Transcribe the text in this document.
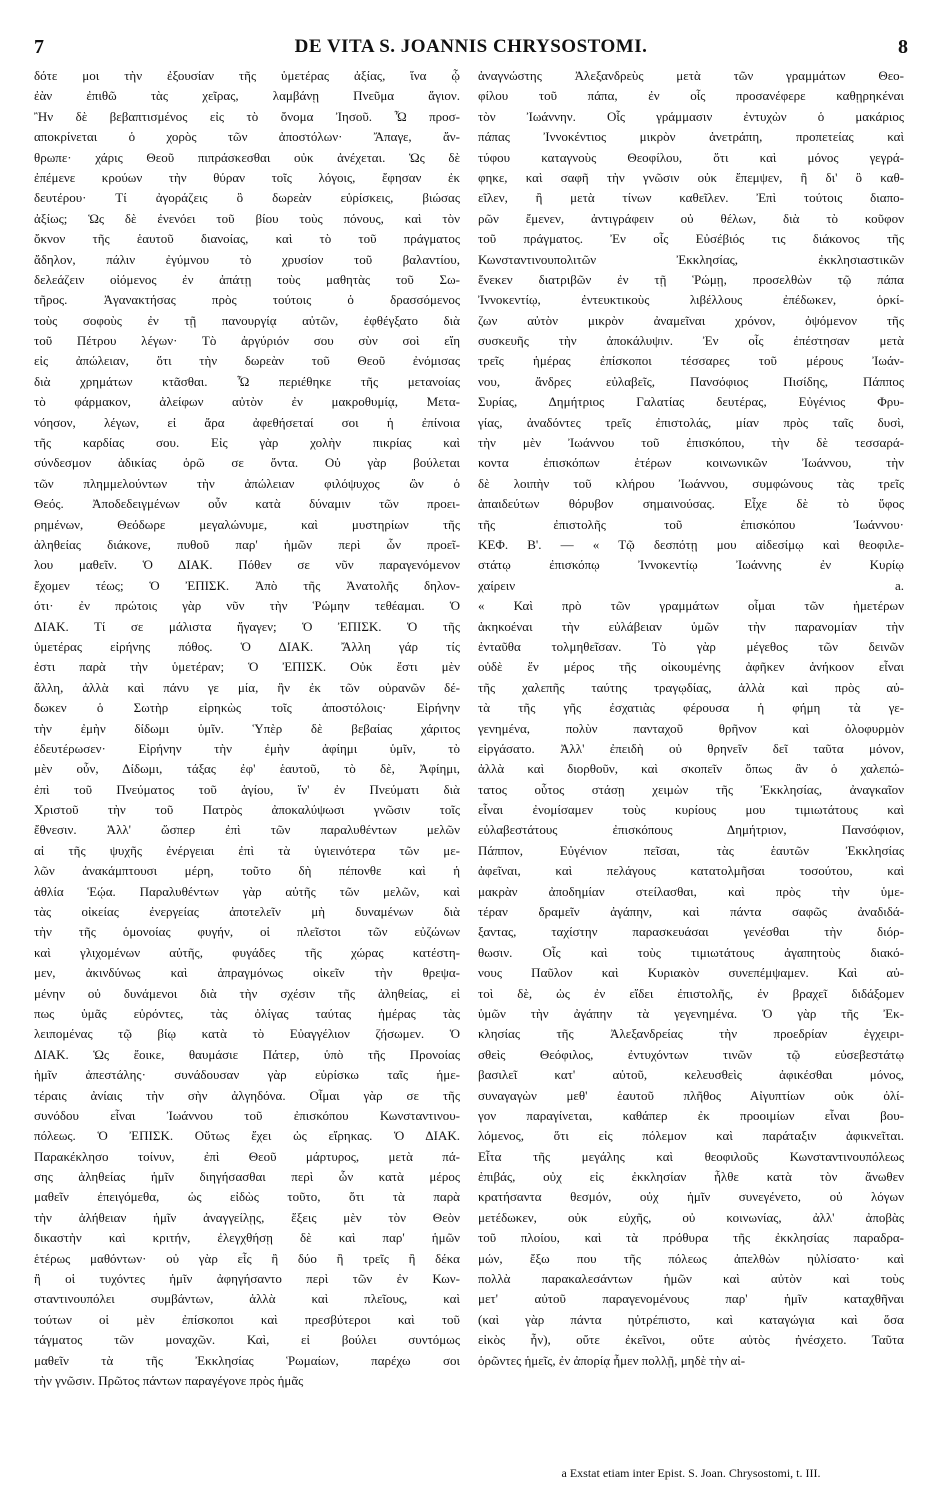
7	DE VITA S. JOANNIS CHRYSOSTOMI.	8
δότε μοι τὴν ἐξουσίαν τῆς ὑμετέρας ἀξίας, ἵνα ᾧ
ἐὰν ἐπιθῶ τὰς χεῖρας, λαμβάνῃ Πνεῦμα ἅγιον.
Ἢν δὲ βεβαπτισμένος εἰς τὸ ὄνομα Ἰησοῦ. Ὦ προσ-
αποκρίνεται ὁ χορὸς τῶν ἀποστόλων· Ἄπαγε, ἄν-
θρωπε· χάρις Θεοῦ πιπράσκεσθαι οὐκ ἀνέχεται. Ὡς δὲ
ἐπέμενε κρούων τὴν θύραν τοῖς λόγοις, ἔφησαν ἐκ
δευτέρου· Τί ἀγοράζεις ὃ δωρεὰν εὑρίσκεις, βιώσας
ἀξίως; Ὡς δὲ ἐνενόει τοῦ βίου τοὺς πόνους, καὶ τὸν
ὄκνον τῆς ἑαυτοῦ διανοίας, καὶ τὸ τοῦ πράγματος
ἄδηλον, πάλιν ἐγύμνου τὸ χρυσίον τοῦ βαλαντίου,
δελεάζειν οἰόμενος ἐν ἀπάτῃ τοὺς μαθητὰς τοῦ Σω-
τῆρος. Ἀγανακτήσας πρὸς τούτοις ὁ δρασσόμενος
τοὺς σοφοὺς ἐν τῇ πανουργίᾳ αὐτῶν, ἐφθέγξατο διὰ
τοῦ Πέτρου λέγων· Τὸ ἀργύριόν σου σὺν σοὶ εἴη
εἰς ἀπώλειαν, ὅτι τὴν δωρεὰν τοῦ Θεοῦ ἐνόμισας
διὰ χρημάτων κτᾶσθαι. Ὦ περιέθηκε τῆς μετανοίας
τὸ φάρμακον, ἀλείφων αὐτὸν ἐν μακροθυμίᾳ, Μετα-
νόησον, λέγων, εἰ ἄρα ἀφεθήσεταί σοι ἡ ἐπίνοια
τῆς καρδίας σου. Εἰς γὰρ χολὴν πικρίας καὶ
σύνδεσμον ἀδικίας ὁρῶ σε ὄντα. Οὐ γὰρ βούλεται
τῶν πλημμελούντων τὴν ἀπώλειαν φιλόψυχος ὢν ὁ
Θεός. Ἀποδεδειγμένων οὖν κατὰ δύναμιν τῶν προει-
ρημένων, Θεόδωρε μεγαλώνυμε, καὶ μυστηρίων τῆς
ἀληθείας διάκονε, πυθοῦ παρ' ἡμῶν περὶ ὧν προεῖ-
λου μαθεῖν. Ὁ ΔΙΑΚ. Πόθεν σε νῦν παραγενόμενον
ἔχομεν τέως; Ὁ ἘΠΙΣΚ. Ἀπὸ τῆς Ἀνατολῆς δηλον-
ότι· ἐν πρώτοις γὰρ νῦν τὴν Ῥώμην τεθέαμαι. Ὁ
ΔΙΑΚ. Τί σε μάλιστα ἤγαγεν; Ὁ ἘΠΙΣΚ. Ὁ τῆς
ὑμετέρας εἰρήνης πόθος. Ὁ ΔΙΑΚ. Ἄλλη γάρ τίς
ἐστι παρὰ τὴν ὑμετέραν; Ὁ ἘΠΙΣΚ. Οὐκ ἔστι μὲν
ἄλλη, ἀλλὰ καὶ πάνυ γε μία, ἣν ἐκ τῶν οὐρανῶν δέ-
δωκεν ὁ Σωτὴρ εἰρηκὼς τοῖς ἀποστόλοις· Εἰρήνην
τὴν ἐμὴν δίδωμι ὑμῖν. Ὑπὲρ δὲ βεβαίας χάριτος
ἐδευτέρωσεν· Εἰρήνην τὴν ἐμὴν ἀφίημι ὑμῖν, τὸ
μὲν οὖν, Δίδωμι, τάξας ἐφ' ἑαυτοῦ, τὸ δὲ, Ἀφίημι,
ἐπὶ τοῦ Πνεύματος τοῦ ἁγίου, ἵν' ἐν Πνεύματι διὰ
Χριστοῦ τὴν τοῦ Πατρὸς ἀποκαλύψωσι γνῶσιν τοῖς
ἔθνεσιν. Ἀλλ' ὥσπερ ἐπὶ τῶν παραλυθέντων μελῶν
αἱ τῆς ψυχῆς ἐνέργειαι ἐπὶ τὰ ὑγιεινότερα τῶν με-
λῶν ἀνακάμπτουσι μέρη, τοῦτο δὴ πέπονθε καὶ ἡ
ἀθλία Ἑῴα. Παραλυθέντων γὰρ αὐτῆς τῶν μελῶν, καὶ
τὰς οἰκείας ἐνεργείας ἀποτελεῖν μὴ δυναμένων διὰ
τὴν τῆς ὁμονοίας φυγήν, οἱ πλεῖστοι τῶν εὐζώνων
καὶ γλιχομένων αὐτῆς, φυγάδες τῆς χώρας κατέστη-
μεν, ἀκινδύνως καὶ ἀπραγμόνως οἰκεῖν τὴν θρεψα-
μένην οὐ δυνάμενοι διὰ τὴν σχέσιν τῆς ἀληθείας, εἰ
πως ὑμᾶς εὑρόντες, τὰς ὀλίγας ταύτας ἡμέρας τὰς
λειπομένας τῷ βίῳ κατὰ τὸ Εὐαγγέλιον ζήσωμεν. Ὁ
ΔΙΑΚ. Ὡς ἔοικε, θαυμάσιε Πάτερ, ὑπὸ τῆς Προνοίας
ἡμῖν ἀπεστάλης· συνάδουσαν γὰρ εὑρίσκω ταῖς ἡμε-
τέραις ἀνίαις τὴν σὴν ἀλγηδόνα. Οἶμαι γὰρ σε τῆς
συνόδου εἶναι Ἰωάννου τοῦ ἐπισκόπου Κωνσταντινου-
πόλεως. Ὁ ἘΠΙΣΚ. Οὕτως ἔχει ὡς εἴρηκας. Ὁ ΔΙΑΚ.
Παρακέκλησο τοίνυν, ἐπὶ Θεοῦ μάρτυρος, μετὰ πά-
σης ἀληθείας ἡμῖν διηγήσασθαι περὶ ὧν κατὰ μέρος
μαθεῖν ἐπειγόμεθα, ὡς εἰδὼς τοῦτο, ὅτι τὰ παρὰ
τὴν ἀλήθειαν ἡμῖν ἀναγγείλῃς, ἕξεις μὲν τὸν Θεὸν
δικαστὴν καὶ κριτήν, ἐλεγχθήσῃ δὲ καὶ παρ' ἡμῶν
ἑτέρως μαθόντων· οὐ γὰρ εἷς ἢ δύο ἢ τρεῖς ἢ δέκα
ἢ οἱ τυχόντες ἡμῖν ἀφηγήσαντο περὶ τῶν ἐν Κων-
σταντινουπόλει συμβάντων, ἀλλὰ καὶ πλεῖους, καὶ
τούτων οἱ μὲν ἐπίσκοποι καὶ πρεσβύτεροι καὶ τοῦ
τάγματος τῶν μοναχῶν. Καὶ, εἰ βούλει συντόμως
μαθεῖν τὰ τῆς Ἐκκλησίας Ῥωμαίων, παρέχω σοι
τὴν γνῶσιν. Πρῶτος πάντων παραγέγονε πρὸς ἡμᾶς
ἀναγνώστης Ἀλεξανδρεὺς μετὰ τῶν γραμμάτων Θεο-
φίλου τοῦ πάπα, ἐν οἷς προσανέφερε καθῃρηκέναι
τὸν Ἰωάννην. Οἷς γράμμασιν ἐντυχὼν ὁ μακάριος
πάπας Ἰννοκέντιος μικρὸν ἀνετράπη, προπετείας καὶ
τύφου καταγνοὺς Θεοφίλου, ὅτι καὶ μόνος γεγρά-
φηκε, καὶ σαφῆ τὴν γνῶσιν οὐκ ἔπεμψεν, ἢ δι' ὃ καθ-
εῖλεν, ἢ μετὰ τίνων καθεῖλεν. Ἐπὶ τούτοις διαπο-
ρῶν ἔμενεν, ἀντιγράφειν οὐ θέλων, διὰ τὸ κοῦφον
τοῦ πράγματος. Ἐν οἷς Εὐσέβιός τις διάκονος τῆς
Κωνσταντινουπολιτῶν Ἐκκλησίας, ἐκκλησιαστικῶν
ἕνεκεν διατριβῶν ἐν τῇ Ῥώμῃ, προσελθὼν τῷ πάπα
Ἰννοκεντίῳ, ἐντευκτικοὺς λιβέλλους ἐπέδωκεν, ὁρκί-
ζων αὐτὸν μικρὸν ἀναμεῖναι χρόνον, ὀψόμενον τῆς
συσκευῆς τὴν ἀποκάλυψιν. Ἐν οἷς ἐπέστησαν μετὰ
τρεῖς ἡμέρας ἐπίσκοποι τέσσαρες τοῦ μέρους Ἰωάν-
νου, ἄνδρες εὐλαβεῖς, Πανσόφιος Πισίδης, Πάππος
Συρίας, Δημήτριος Γαλατίας δευτέρας, Εὐγένιος Φρυ-
γίας, ἀναδόντες τρεῖς ἐπιστολάς, μίαν πρὸς ταῖς δυσὶ,
τὴν μὲν Ἰωάννου τοῦ ἐπισκόπου, τὴν δὲ τεσσαρά-
κοντα ἐπισκόπων ἑτέρων κοινωνικῶν Ἰωάννου, τὴν
δὲ λοιπὴν τοῦ κλήρου Ἰωάννου, συμφώνους τὰς τρεῖς
ἀπαιδεύτων θόρυβον σημαινούσας. Εἶχε δὲ τὸ ὕφος
τῆς ἐπιστολῆς τοῦ ἐπισκόπου Ἰωάννου·
ΚΕΦ. Β'. — « Τῷ δεσπότῃ μου αἰδεσίμῳ καὶ θεοφιλε-
στάτῳ ἐπισκόπῳ Ἰννοκεντίῳ Ἰωάννης ἐν Κυρίῳ
χαίρειν a.
« Καὶ πρὸ τῶν γραμμάτων οἶμαι τῶν ἡμετέρων
ἀκηκοέναι τὴν εὐλάβειαν ὑμῶν τὴν παρανομίαν τὴν
ἐνταῦθα τολμηθεῖσαν. Τὸ γὰρ μέγεθος τῶν δεινῶν
οὐδὲ ἕν μέρος τῆς οἰκουμένης ἀφῆκεν ἀνήκοον εἶναι
τῆς χαλεπῆς ταύτης τραγῳδίας, ἀλλὰ καὶ πρὸς αὐ-
τὰ τῆς γῆς ἐσχατιὰς φέρουσα ἡ φήμη τὰ γε-
γενημένα, πολὺν πανταχοῦ θρῆνον καὶ ὀλοφυρμὸν
εἰργάσατο. Ἀλλ' ἐπειδὴ οὐ θρηνεῖν δεῖ ταῦτα μόνον,
ἀλλὰ καὶ διορθοῦν, καὶ σκοπεῖν ὅπως ἂν ὁ χαλεπώ-
τατος οὗτος στάσῃ χειμὼν τῆς Ἐκκλησίας, ἀναγκαῖον
εἶναι ἐνομίσαμεν τοὺς κυρίους μου τιμιωτάτους καὶ
εὐλαβεστάτους ἐπισκόπους Δημήτριον, Πανσόφιον,
Πάππον, Εὐγένιον πεῖσαι, τὰς ἑαυτῶν Ἐκκλησίας
ἀφεῖναι, καὶ πελάγους κατατολμῆσαι τοσούτου, καὶ
μακρὰν ἀποδημίαν στείλασθαι, καὶ πρὸς τὴν ὑμε-
τέραν δραμεῖν ἀγάπην, καὶ πάντα σαφῶς ἀναδιδά-
ξαντας, ταχίστην παρασκευάσαι γενέσθαι τὴν διόρ-
θωσιν. Οἷς καὶ τοὺς τιμιωτάτους ἀγαπητοὺς διακό-
νους Παῦλον καὶ Κυριακὸν συνεπέμψαμεν. Καὶ αὐ-
τοὶ δὲ, ὡς ἐν εἴδει ἐπιστολῆς, ἐν βραχεῖ διδάξομεν
ὑμῶν τὴν ἀγάπην τὰ γεγενημένα. Ὁ γὰρ τῆς Ἐκ-
κλησίας τῆς Ἀλεξανδρείας τὴν προεδρίαν ἐγχειρι-
σθεὶς Θεόφιλος, ἐντυχόντων τινῶν τῷ εὐσεβεστάτῳ
βασιλεῖ κατ' αὐτοῦ, κελευσθεὶς ἀφικέσθαι μόνος,
συναγαγὼν μεθ' ἑαυτοῦ πλῆθος Αἰγυπτίων οὐκ ὀλί-
γον παραγίνεται, καθάπερ ἐκ προοιμίων εἶναι βου-
λόμενος, ὅτι εἰς πόλεμον καὶ παράταξιν ἀφικνεῖται.
Εἶτα τῆς μεγάλης καὶ θεοφιλοῦς Κωνσταντινουπόλεως
ἐπιβάς, οὐχ εἰς ἐκκλησίαν ἦλθε κατὰ τὸν ἄνωθεν
κρατήσαντα θεσμόν, οὐχ ἡμῖν συνεγένετο, οὐ λόγων
μετέδωκεν, οὐκ εὐχῆς, οὐ κοινωνίας, ἀλλ' ἀποβὰς
τοῦ πλοίου, καὶ τὰ πρόθυρα τῆς ἐκκλησίας παραδρα-
μών, ἔξω που τῆς πόλεως ἀπελθὼν ηὐλίσατο· καὶ
πολλὰ παρακαλεσάντων ἡμῶν καὶ αὐτὸν καὶ τοὺς
μετ' αὐτοῦ παραγενομένους παρ' ἡμῖν καταχθῆναι
(καὶ γὰρ πάντα ηὐτρέπιστο, καὶ καταγώγια καὶ ὅσα
εἰκὸς ἦν), οὔτε ἐκεῖνοι, οὔτε αὐτὸς ἠνέσχετο. Ταῦτα
ὁρῶντες ἡμεῖς, ἐν ἀπορίᾳ ἦμεν πολλῇ, μηδὲ τὴν αἰ-
a Exstat etiam inter Epist. S. Joan. Chrysostomi, t. III.
